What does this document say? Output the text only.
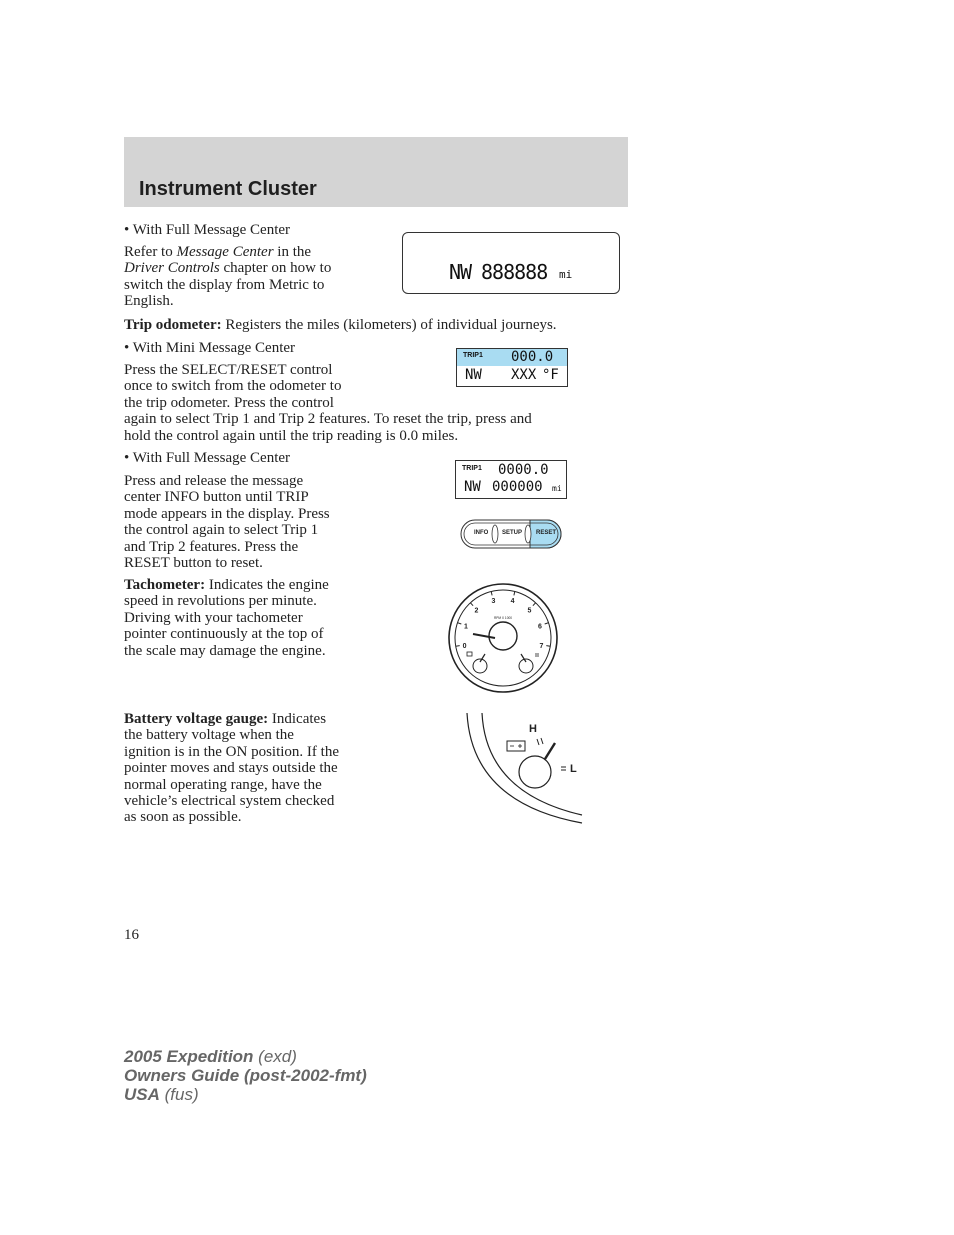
Instrument Cluster
• With Full Message Center
Refer to Message Center in the
Driver Controls chapter on how to
switch the display from Metric to
English.
NW 888888 mi
Trip odometer: Registers the miles (kilometers) of individual journeys.
• With Mini Message Center
Press the SELECT/RESET control
once to switch from the odometer to
the trip odometer. Press the control
again to select Trip 1 and Trip 2 features. To reset the trip, press and
hold the control again until the trip reading is 0.0 miles.
TRIP1 000.0
NW XXX °F
• With Full Message Center
Press and release the message
center INFO button until TRIP
mode appears in the display. Press
the control again to select Trip 1
and Trip 2 features. Press the
RESET button to reset.
TRIP1 0000.0
NW 000000 mi
INFO SETUP RESET
Tachometer: Indicates the engine
speed in revolutions per minute.
Driving with your tachometer
pointer continuously at the top of
the scale may damage the engine.
RPM X 1000
0
1
2
3 4
5
6
7
Battery voltage gauge: Indicates
the battery voltage when the
ignition is in the ON position. If the
pointer moves and stays outside the
normal operating range, have the
vehicle’s electrical system checked
as soon as possible.
H
L
16
2005 Expedition (exd)
Owners Guide (post-2002-fmt)
USA (fus)
